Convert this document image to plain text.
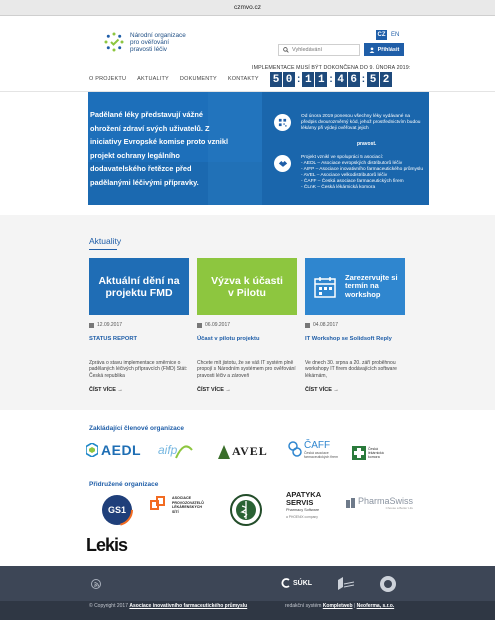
czmvo.cz
Národní organizace
pro ověřování
pravosti léčiv
CZ EN
Vyhledávání
Přihlásit
IMPLEMENTACE MUSÍ BÝT DOKONČENA DO 9. ÚNORA 2019:
5 0 : 1 1 : 4 6 : 5 2
O PROJEKTU AKTUALITY DOKUMENTY KONTAKTY
Padělané léky představují vážné ohrožení zdraví svých uživatelů. Z iniciativy Evropské komise proto vznikl projekt ochrany legálního dodavatelského řetězce před padělanými léčivými přípravky.
Od února 2019 ponesou všechny léky vydávané na předpis dvourozměrný kód, jehož prostřednictvím budou lékárny při výdeji ověřovat jejich
pravost.
Projekt vznikl ve spolupráci 5 asociací:
- AEDL – Asociace evropských distributorů léčiv
- AIFP – Asociace inovativního farmaceutického průmyslu
- AVEL – Asociace velkodistributorů léčiv
- ČAFF – Česká asociace farmaceutických firem
- ČLnK – Česká lékárnická komora
Aktuality
Aktuální dění na projektu FMD
12.09.2017
STATUS REPORT
Zpráva o stavu implementace směrnice o padělaných léčivých přípravcích (FMD) Stát: Česká republika
ČÍST VÍCE →
Výzva k účasti v Pilotu
06.09.2017
Účast v pilotu projektu
Chcete mít jistotu, že se váš IT systém plně propojí s Národním systémem pro ověřování pravosti léčiv a zároveň
ČÍST VÍCE →
Zarezervujte si termín na workshop
04.08.2017
IT Workshop se Solidsoft Reply
Ve dnech 30. srpna a 20. září proběhnou workshopy IT firem dodávajících software lékárnám,
ČÍST VÍCE →
Zakládající členové organizace
AEDL aifp	AVEL	ČAFF
Česká asociace farmaceutických firem
Česká lékárnická komora
Přidružené organizace
GS1
ASOCIACE PROVOZOVATELŮ LÉKÁRENSKÝCH SÍTÍ
APATYKA SERVIS
Pharmacy Software
a PHOENIX company
PharmaSwiss
Choose a Better Life
Lekis
SÚKL
© Copyright 2017 Asociace inovativního farmaceutického průmyslu	redakční systém Kompletweb | Neoferma, s.r.o.
